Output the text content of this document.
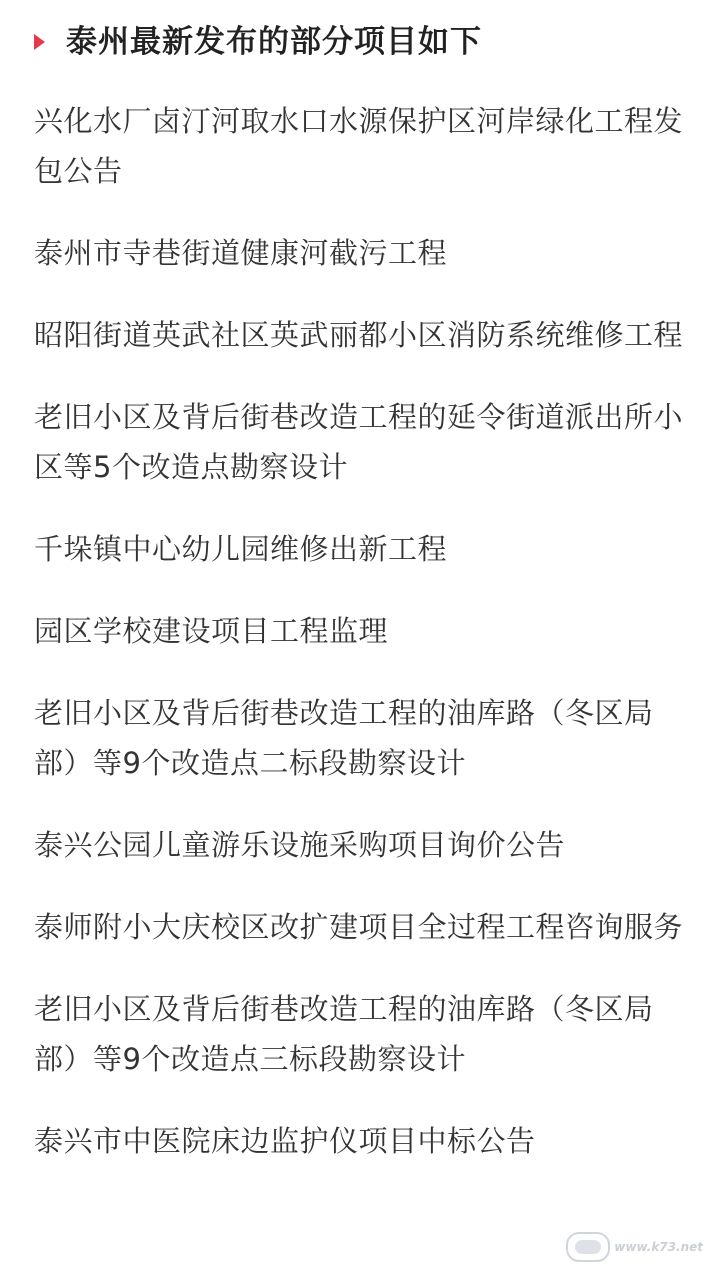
泰州最新发布的部分项目如下
兴化水厂卤汀河取水口水源保护区河岸绿化工程发包公告
泰州市寺巷街道健康河截污工程
昭阳街道英武社区英武丽都小区消防系统维修工程
老旧小区及背后街巷改造工程的延令街道派出所小区等5个改造点勘察设计
千垛镇中心幼儿园维修出新工程
园区学校建设项目工程监理
老旧小区及背后街巷改造工程的油库路（冬区局部）等9个改造点二标段勘察设计
泰兴公园儿童游乐设施采购项目询价公告
泰师附小大庆校区改扩建项目全过程工程咨询服务
老旧小区及背后街巷改造工程的油库路（冬区局部）等9个改造点三标段勘察设计
泰兴市中医院床边监护仪项目中标公告
www.k73.net
